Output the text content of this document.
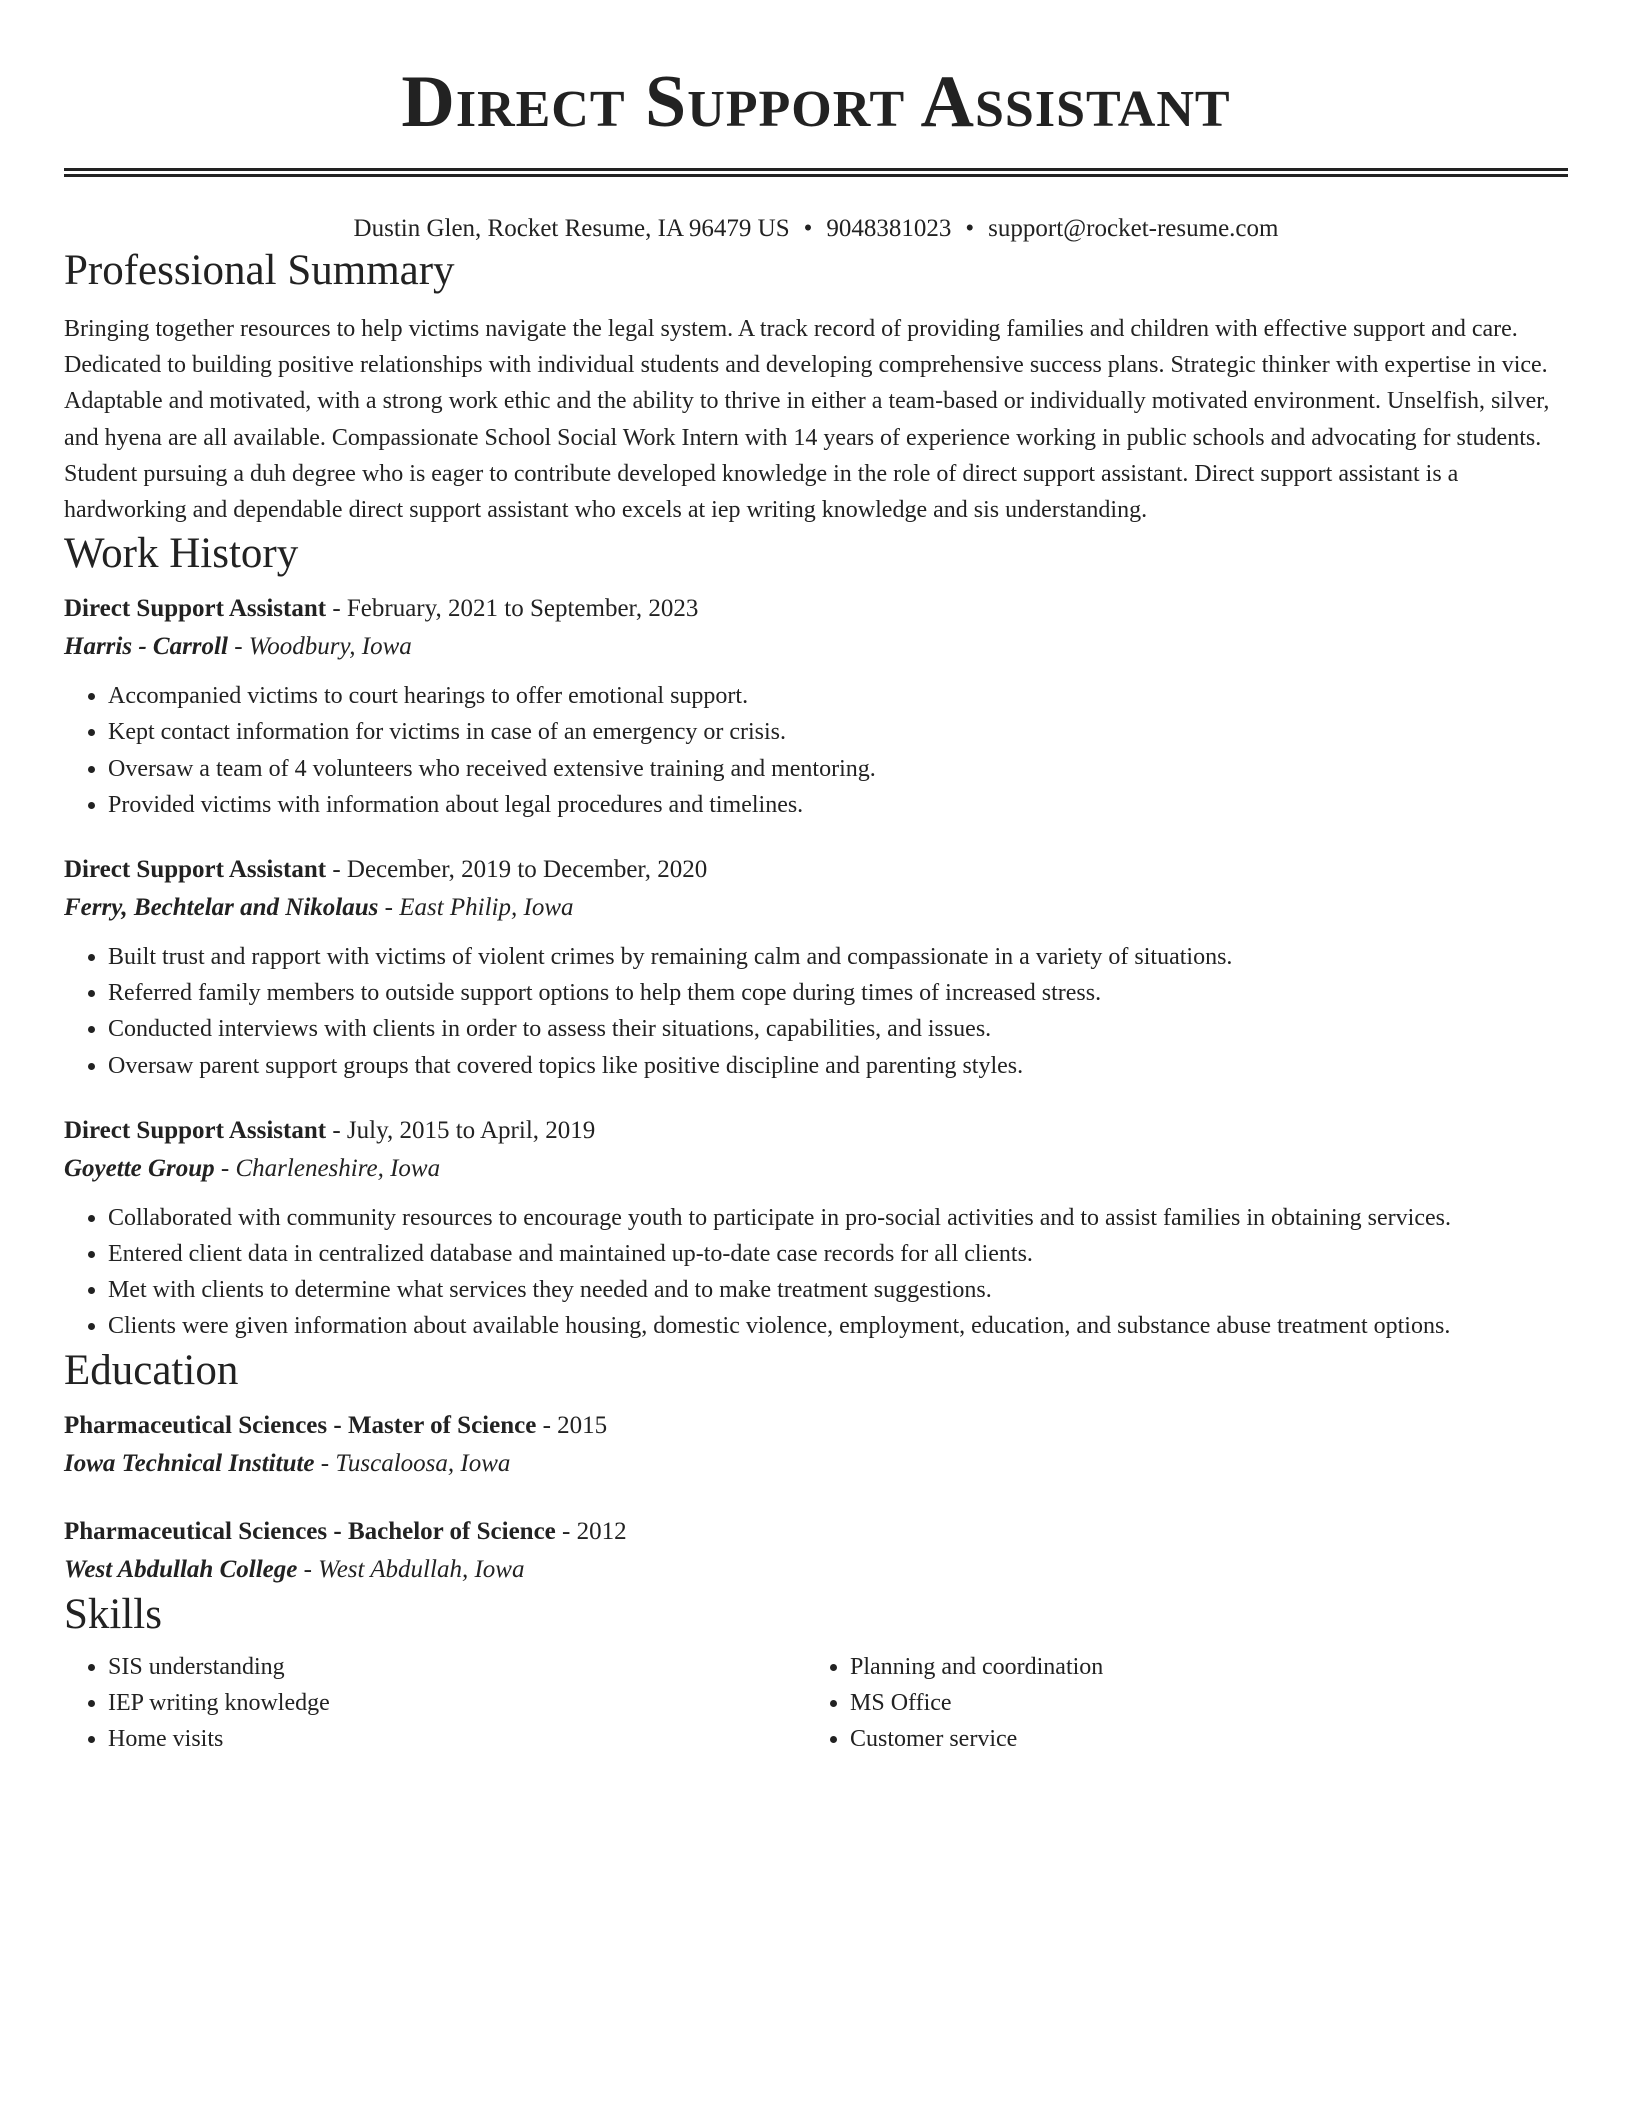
Direct Support Assistant
Dustin Glen, Rocket Resume, IA 96479 US • 9048381023 • support@rocket-resume.com
Professional Summary

Bringing together resources to help victims navigate the legal system. A track record of providing families and children with effective support and care. Dedicated to building positive relationships with individual students and developing comprehensive success plans. Strategic thinker with expertise in vice. Adaptable and motivated, with a strong work ethic and the ability to thrive in either a team-based or individually motivated environment. Unselfish, silver, and hyena are all available. Compassionate School Social Work Intern with 14 years of experience working in public schools and advocating for students. Student pursuing a duh degree who is eager to contribute developed knowledge in the role of direct support assistant. Direct support assistant is a hardworking and dependable direct support assistant who excels at iep writing knowledge and sis understanding.

Work History
Direct Support Assistant - February, 2021 to September, 2023
Harris - Carroll - Woodbury, Iowa
• Accompanied victims to court hearings to offer emotional support.
• Kept contact information for victims in case of an emergency or crisis.
• Oversaw a team of 4 volunteers who received extensive training and mentoring.
• Provided victims with information about legal procedures and timelines.
Direct Support Assistant - December, 2019 to December, 2020
Ferry, Bechtelar and Nikolaus - East Philip, Iowa
• Built trust and rapport with victims of violent crimes by remaining calm and compassionate in a variety of situations.
• Referred family members to outside support options to help them cope during times of increased stress.
• Conducted interviews with clients in order to assess their situations, capabilities, and issues.
• Oversaw parent support groups that covered topics like positive discipline and parenting styles.
Direct Support Assistant - July, 2015 to April, 2019
Goyette Group - Charleneshire, Iowa
• Collaborated with community resources to encourage youth to participate in pro-social activities and to assist families in obtaining services.
• Entered client data in centralized database and maintained up-to-date case records for all clients.
• Met with clients to determine what services they needed and to make treatment suggestions.
• Clients were given information about available housing, domestic violence, employment, education, and substance abuse treatment options.
Education
Pharmaceutical Sciences - Master of Science - 2015
Iowa Technical Institute - Tuscaloosa, Iowa
Pharmaceutical Sciences - Bachelor of Science - 2012
West Abdullah College - West Abdullah, Iowa
Skills
• SIS understanding
• IEP writing knowledge
• Home visits
• Planning and coordination
• MS Office
• Customer service
